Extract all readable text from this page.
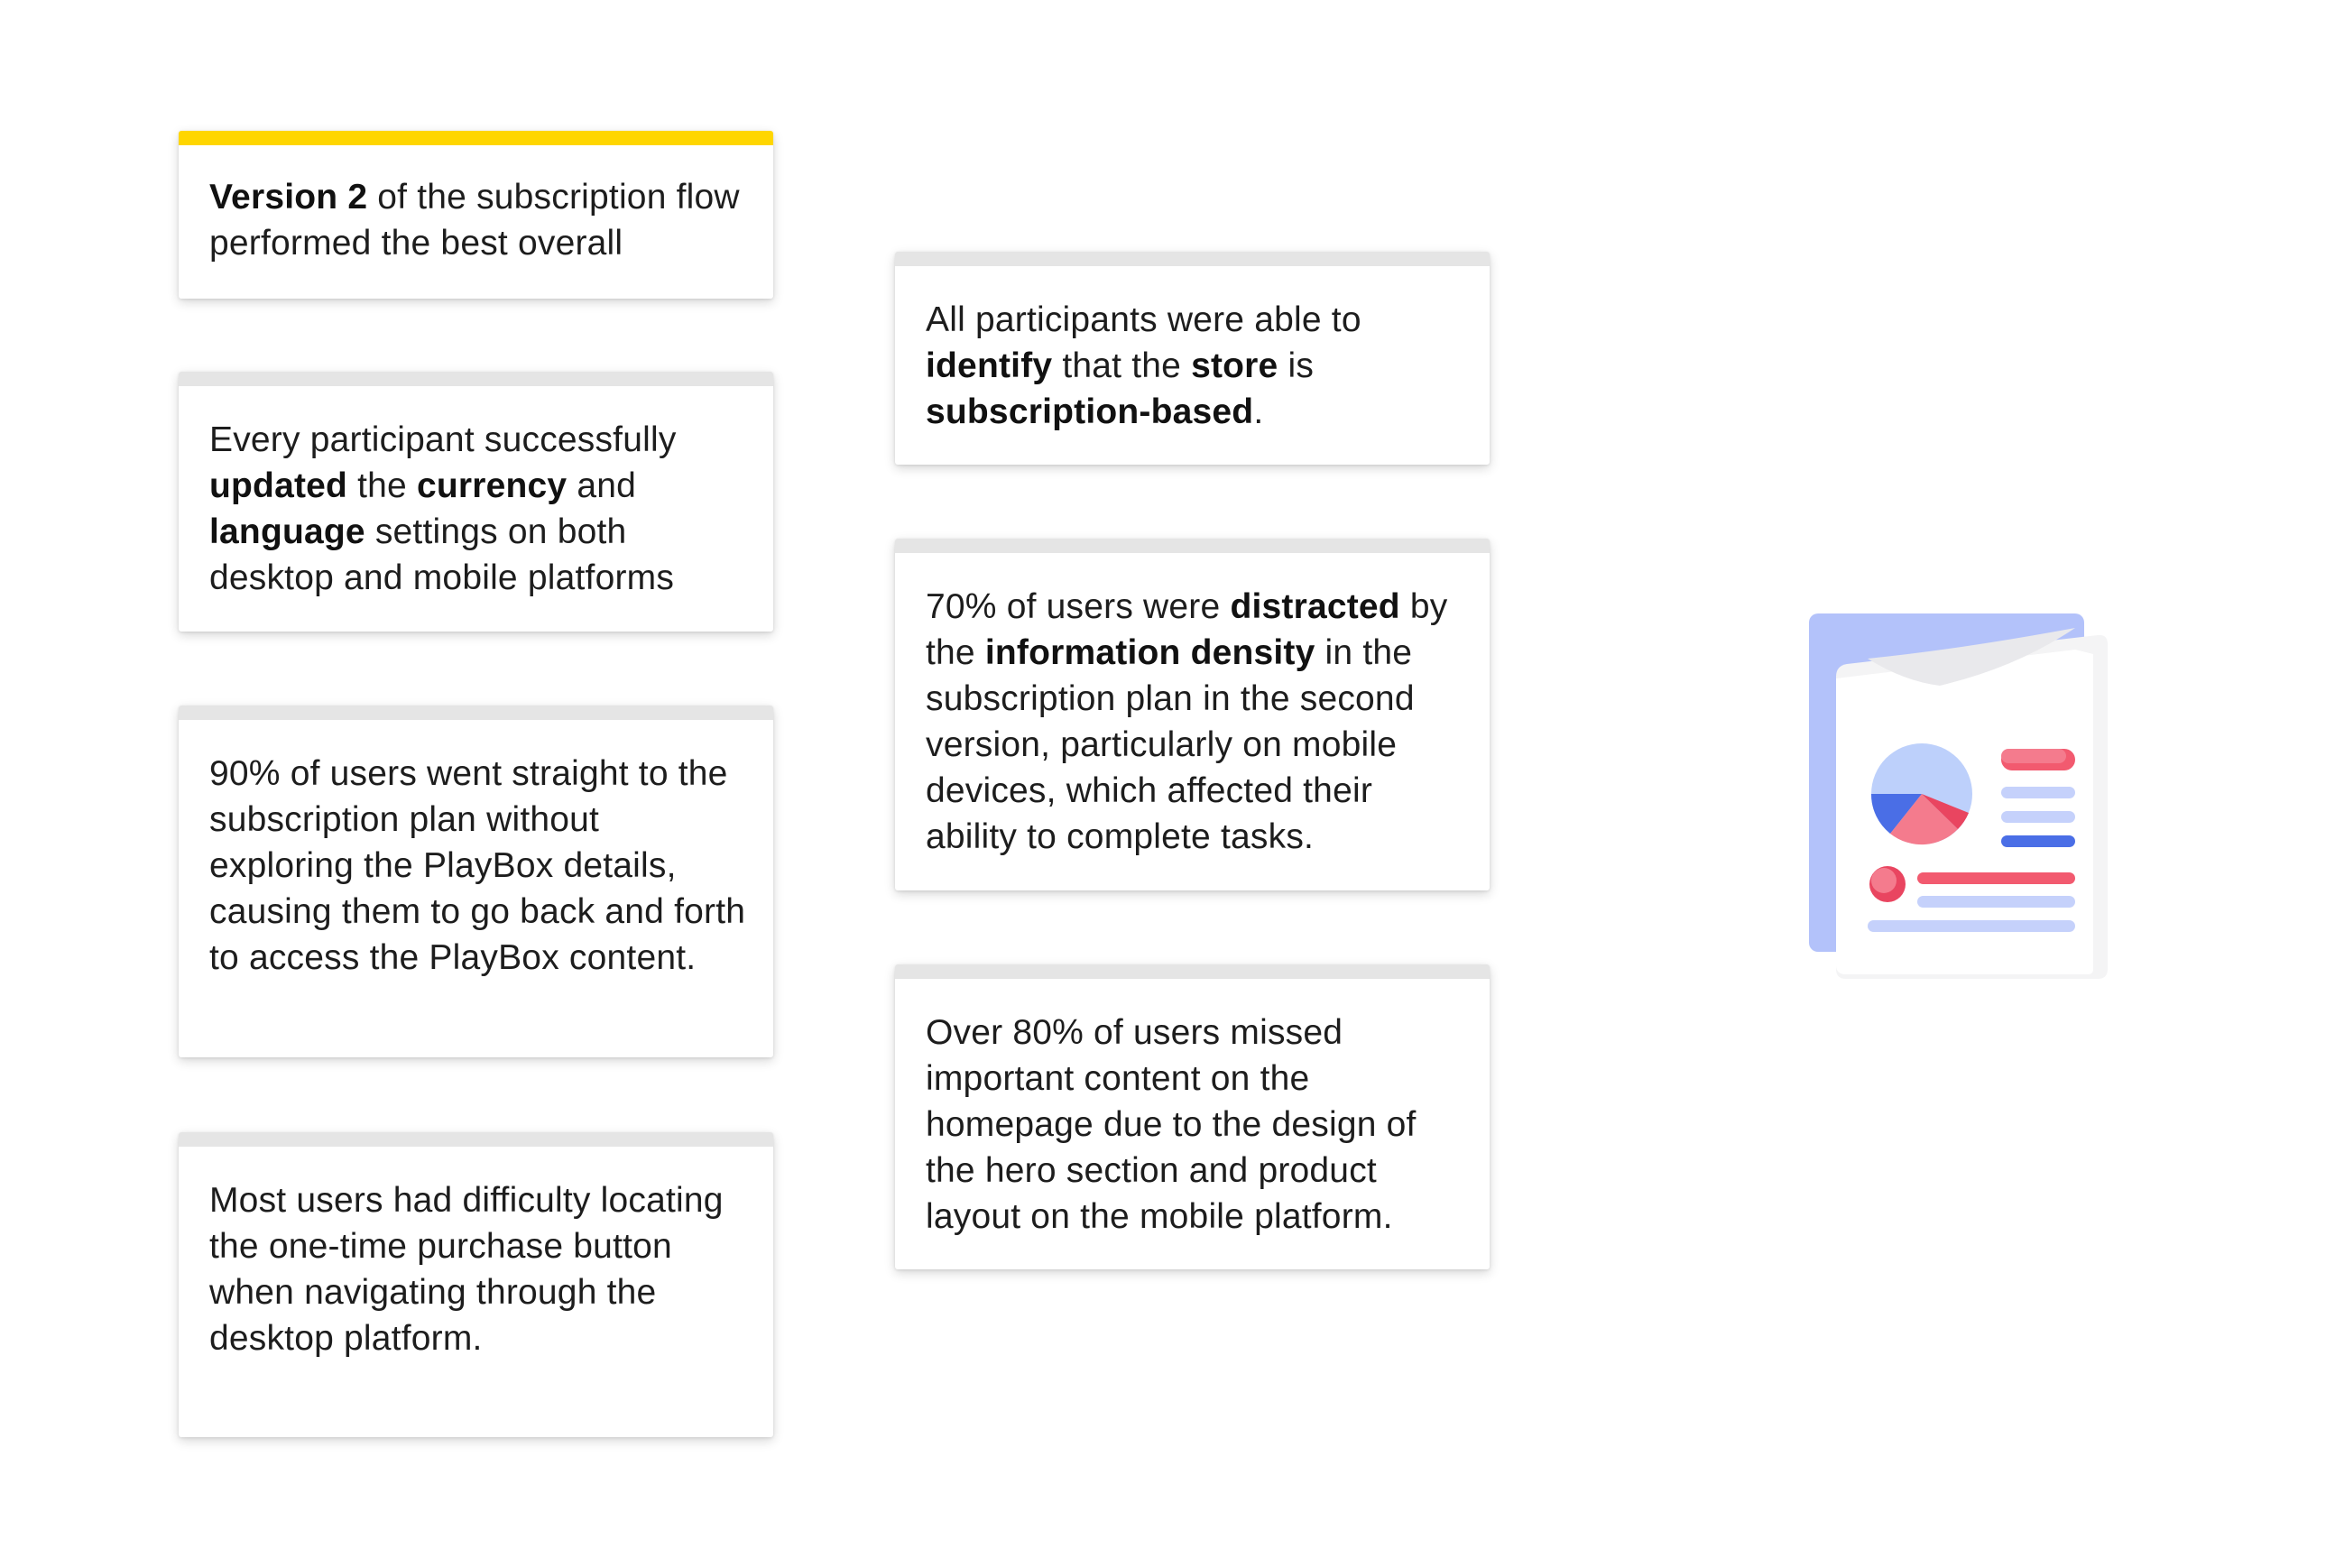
Version 2 of the subscription flow performed the best overall
Every participant successfully updated the currency and language settings on both desktop and mobile platforms
90% of users went straight to the subscription plan without exploring the PlayBox details, causing them to go back and forth to access the PlayBox content.
Most users had difficulty locating the one-time purchase button when navigating through the desktop platform.
All participants were able to identify that the store is subscription-based.
70% of users were distracted by the information density in the subscription plan in the second version, particularly on mobile devices, which affected their ability to complete tasks.
Over 80% of users missed important content on the homepage due to the design of the hero section and product layout on the mobile platform.
